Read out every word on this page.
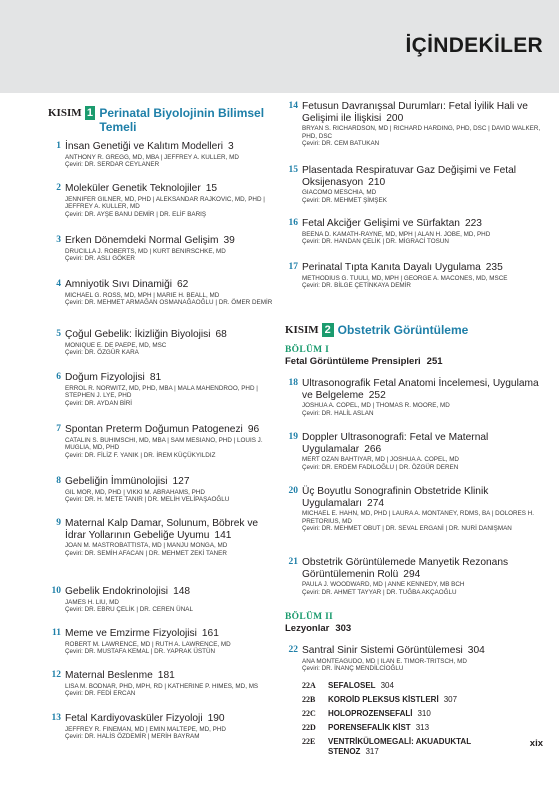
İÇİNDEKİLER
KISIM 1 Perinatal Biyolojinin Bilimsel Temeli
1 İnsan Genetiği ve Kalıtım Modelleri 3
ANTHONY R. GREGG, MD, MBA | JEFFREY A. KULLER, MD
Çeviri: DR. SERDAR CEYLANER
2 Moleküler Genetik Teknolojiler 15
JENNIFER GILNER, MD, PHD | ALEKSANDAR RAJKOVIC, MD, PHD | JEFFREY A. KULLER, MD
Çeviri: DR. AYŞE BANU DEMİR | DR. ELİF BARIŞ
3 Erken Dönemdeki Normal Gelişim 39
DRUCILLA J. ROBERTS, MD | KURT BENIRSCHKE, MD
Çeviri: DR. ASLI GÖKER
4 Amniyotik Sıvı Dinamiği 62
MICHAEL G. ROSS, MD, MPH | MARIE H. BEALL, MD
Çeviri: DR. MEHMET ARMAĞAN OSMANAĞAOĞLU | DR. ÖMER DEMİR
5 Çoğul Gebelik: İkizliğin Biyolojisi 68
MONIQUE E. DE PAEPE, MD, MSC
Çeviri: DR. ÖZGÜR KARA
6 Doğum Fizyolojisi 81
ERROL R. NORWITZ, MD, PHD, MBA | MALA MAHENDROO, PHD | STEPHEN J. LYE, PHD
Çeviri: DR. AYDAN BİRİ
7 Spontan Preterm Doğumun Patogenezi 96
CATALIN S. BUHIMSCHI, MD, MBA | SAM MESIANO, PHD | LOUIS J. MUGLIA, MD, PHD
Çeviri: DR. FİLİZ F. YANIK | DR. İREM KÜÇÜKYILDIZ
8 Gebeliğin İmmünolojisi 127
GIL MOR, MD, PHD | VIKKI M. ABRAHAMS, PHD
Çeviri: DR. H. METE TANIR | DR. MELİH VELİPAŞAOĞLU
9 Maternal Kalp Damar, Solunum, Böbrek ve İdrar Yollarının Gebeliğe Uyumu 141
JOAN M. MASTROBATTISTA, MD | MANJU MONGA, MD
Çeviri: DR. SEMİH AFACAN | DR. MEHMET ZEKİ TANER
10 Gebelik Endokrinolojisi 148
JAMES H. LIU, MD
Çeviri: DR. EBRU ÇELİK | DR. CEREN ÜNAL
11 Meme ve Emzirme Fizyolojisi 161
ROBERT M. LAWRENCE, MD | RUTH A. LAWRENCE, MD
Çeviri: DR. MUSTAFA KEMAL | DR. YAPRAK ÜSTÜN
12 Maternal Beslenme 181
LISA M. BODNAR, PHD, MPH, RD | KATHERINE P. HIMES, MD, MS
Çeviri: DR. FEDİ ERCAN
13 Fetal Kardiyovasküler Fizyoloji 190
JEFFREY R. FINEMAN, MD | EMIN MALTEPE, MD, PHD
Çeviri: DR. HALİS ÖZDEMİR | MERİH BAYRAM
14 Fetusun Davranışsal Durumları: Fetal İyilik Hali ve Gelişimi ile İlişkisi 200
BRYAN S. RICHARDSON, MD | RICHARD HARDING, PHD, DSC | DAVID WALKER, PHD, DSC
Çeviri: DR. CEM BATUKAN
15 Plasentada Respiratuvar Gaz Değişimi ve Fetal Oksijenasyon 210
GIACOMO MESCHIA, MD
Çeviri: DR. MEHMET ŞİMŞEK
16 Fetal Akciğer Gelişimi ve Sürfaktan 223
BEENA D. KAMATH-RAYNE, MD, MPH | ALAN H. JOBE, MD, PHD
Çeviri: DR. HANDAN ÇELİK | DR. MİGRACİ TOSUN
17 Perinatal Tıpta Kanıta Dayalı Uygulama 235
METHODIUS G. TUULI, MD, MPH | GEORGE A. MACONES, MD, MSCE
Çeviri: DR. BİLGE ÇETİNKAYA DEMİR
KISIM 2 Obstetrik Görüntüleme
BÖLÜM I
Fetal Görüntüleme Prensipleri 251
18 Ultrasonografik Fetal Anatomi İncelemesi, Uygulama ve Belgeleme 252
JOSHUA A. COPEL, MD | THOMAS R. MOORE, MD
Çeviri: DR. HALİL ASLAN
19 Doppler Ultrasonografi: Fetal ve Maternal Uygulamalar 266
MERT OZAN BAHTIYAR, MD | JOSHUA A. COPEL, MD
Çeviri: DR. ERDEM FADILOĞLU | DR. ÖZGÜR DEREN
20 Üç Boyutlu Sonografinin Obstetride Klinik Uygulamaları 274
MICHAEL E. HAHN, MD, PHD | LAURA A. MONTANEY, RDMS, BA | DOLORES H. PRETORIUS, MD
Çeviri: DR. MEHMET OBUT | DR. SEVAL ERGANİ | DR. NURİ DANIŞMAN
21 Obstetrik Görüntülemede Manyetik Rezonans Görüntülemenin Rolü 294
PAULA J. WOODWARD, MD | ANNE KENNEDY, MB BCH
Çeviri: DR. AHMET TAYYAR | DR. TUĞBA AKÇAOĞLU
BÖLÜM II
Lezyonlar 303
22 Santral Sinir Sistemi Görüntülemesi 304
ANA MONTEAGUDO, MD | ILAN E. TIMOR-TRITSCH, MD
Çeviri: DR. İNANÇ MENDİLCİOĞLU
22A	SEFALOSEL 304
22B	KOROİD PLEKSUS KİSTLERİ 307
22C	HOLOPROZENSEFALİ 310
22D	PORENSEFALİK KİST 313
22E	VENTRİKÜLOMEGALİ: AKUADUKTAL STENOZ 317
xix
